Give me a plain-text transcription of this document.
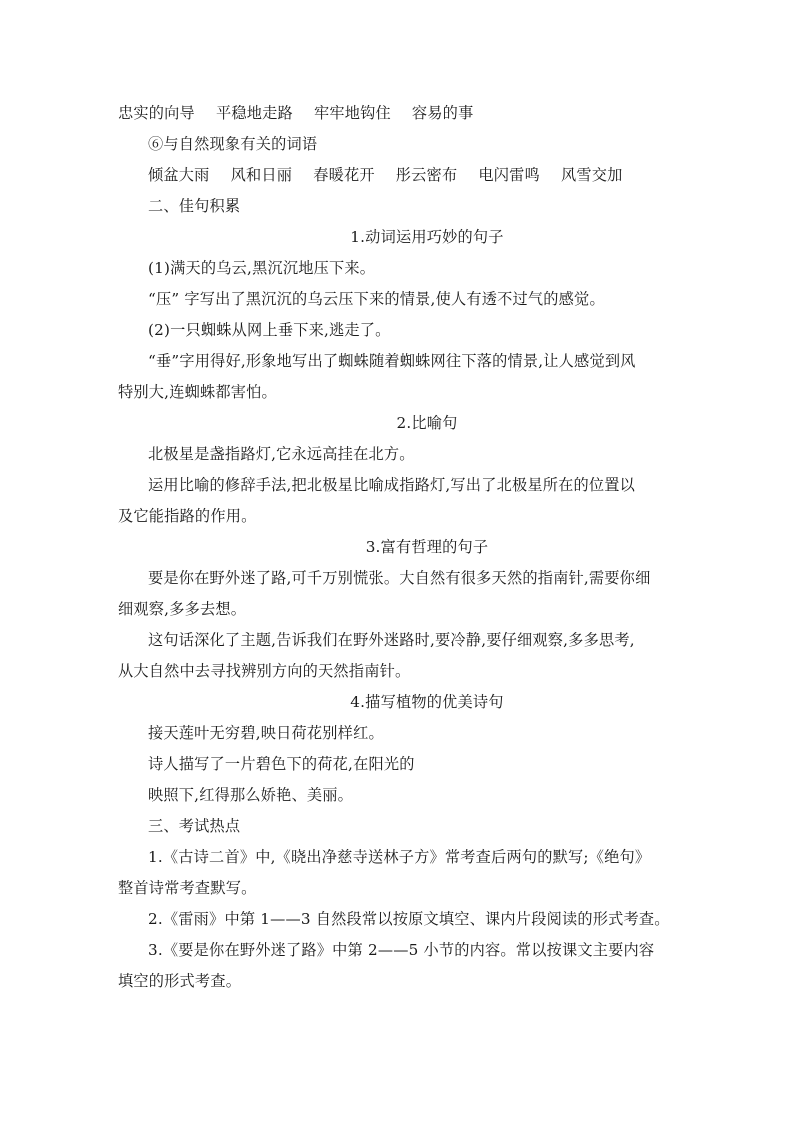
忠实的向导 平稳地走路 牢牢地钩住 容易的事
⑥与自然现象有关的词语
倾盆大雨 风和日丽 春暖花开 彤云密布 电闪雷鸣 风雪交加
二、佳句积累
1.动词运用巧妙的句子
(1)满天的乌云,黑沉沉地压下来。
“压” 字写出了黑沉沉的乌云压下来的情景,使人有透不过气的感觉。
(2)一只蜘蛛从网上垂下来,逃走了。
“垂”字用得好,形象地写出了蜘蛛随着蜘蛛网往下落的情景,让人感觉到风
特别大,连蜘蛛都害怕。
2.比喻句
北极星是盏指路灯,它永远高挂在北方。
运用比喻的修辞手法,把北极星比喻成指路灯,写出了北极星所在的位置以
及它能指路的作用。
3.富有哲理的句子
要是你在野外迷了路,可千万别慌张。大自然有很多天然的指南针,需要你细
细观察,多多去想。
这句话深化了主题,告诉我们在野外迷路时,要冷静,要仔细观察,多多思考,
从大自然中去寻找辨别方向的天然指南针。
4.描写植物的优美诗句
接天莲叶无穷碧,映日荷花别样红。
诗人描写了一片碧色下的荷花,在阳光的
映照下,红得那么娇艳、美丽。
三、考试热点
1.《古诗二首》中,《晓出净慈寺送林子方》常考查后两句的默写;《绝句》
整首诗常考查默写。
2.《雷雨》中第 1——3 自然段常以按原文填空、课内片段阅读的形式考查。
3.《要是你在野外迷了路》中第 2——5 小节的内容。常以按课文主要内容
填空的形式考查。
